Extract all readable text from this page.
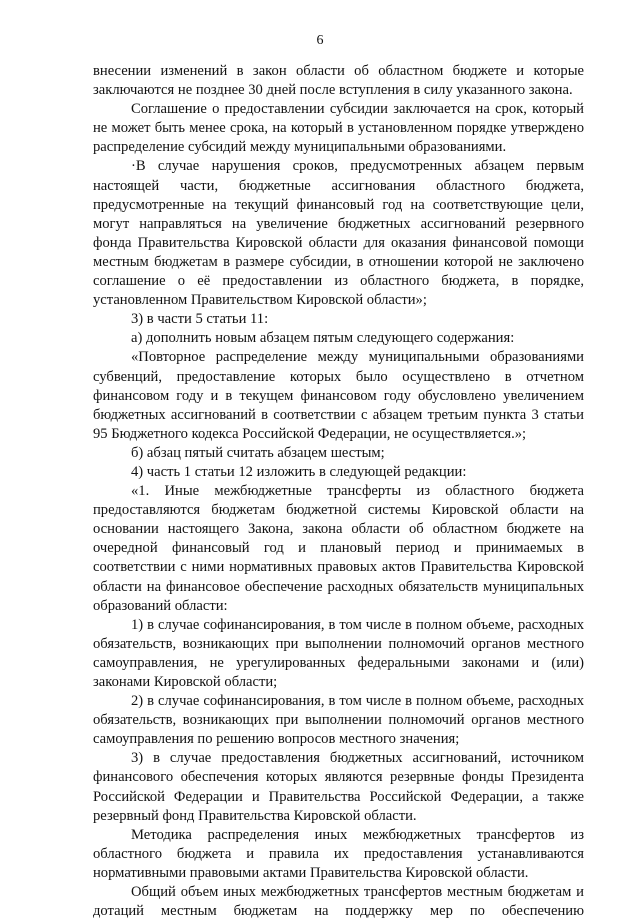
6

внесении изменений в закон области об областном бюджете и которые заключаются не позднее 30 дней после вступления в силу указанного закона.

Соглашение о предоставлении субсидии заключается на срок, который не может быть менее срока, на который в установленном порядке утверждено распределение субсидий между муниципальными образованиями.

·В случае нарушения сроков, предусмотренных абзацем первым настоящей части, бюджетные ассигнования областного бюджета, предусмотренные на текущий финансовый год на соответствующие цели, могут направляться на увеличение бюджетных ассигнований резервного фонда Правительства Кировской области для оказания финансовой помощи местным бюджетам в размере субсидии, в отношении которой не заключено соглашение о её предоставлении из областного бюджета, в порядке, установленном Правительством Кировской области»;

3) в части 5 статьи 11:

а) дополнить новым абзацем пятым следующего содержания:

«Повторное распределение между муниципальными образованиями субвенций, предоставление которых было осуществлено в отчетном финансовом году и в текущем финансовом году обусловлено увеличением бюджетных ассигнований в соответствии с абзацем третьим пункта 3 статьи 95 Бюджетного кодекса Российской Федерации, не осуществляется.»;

б) абзац пятый считать абзацем шестым;

4) часть 1 статьи 12 изложить в следующей редакции:

«1. Иные межбюджетные трансферты из областного бюджета предоставляются бюджетам бюджетной системы Кировской области на основании настоящего Закона, закона области об областном бюджете на очередной финансовый год и плановый период и принимаемых в соответствии с ними нормативных правовых актов Правительства Кировской области на финансовое обеспечение расходных обязательств муниципальных образований области:

1) в случае софинансирования, в том числе в полном объеме, расходных обязательств, возникающих при выполнении полномочий органов местного самоуправления, не урегулированных федеральными законами и (или) законами Кировской области;

2) в случае софинансирования, в том числе в полном объеме, расходных обязательств, возникающих при выполнении полномочий органов местного самоуправления по решению вопросов местного значения;

3) в случае предоставления бюджетных ассигнований, источником финансового обеспечения которых являются резервные фонды Президента Российской Федерации и Правительства Российской Федерации, а также резервный фонд Правительства Кировской области.

Методика распределения иных межбюджетных трансфертов из областного бюджета и правила их предоставления устанавливаются нормативными правовыми актами Правительства Кировской области.

Общий объем иных межбюджетных трансфертов местным бюджетам и дотаций местным бюджетам на поддержку мер по обеспечению
